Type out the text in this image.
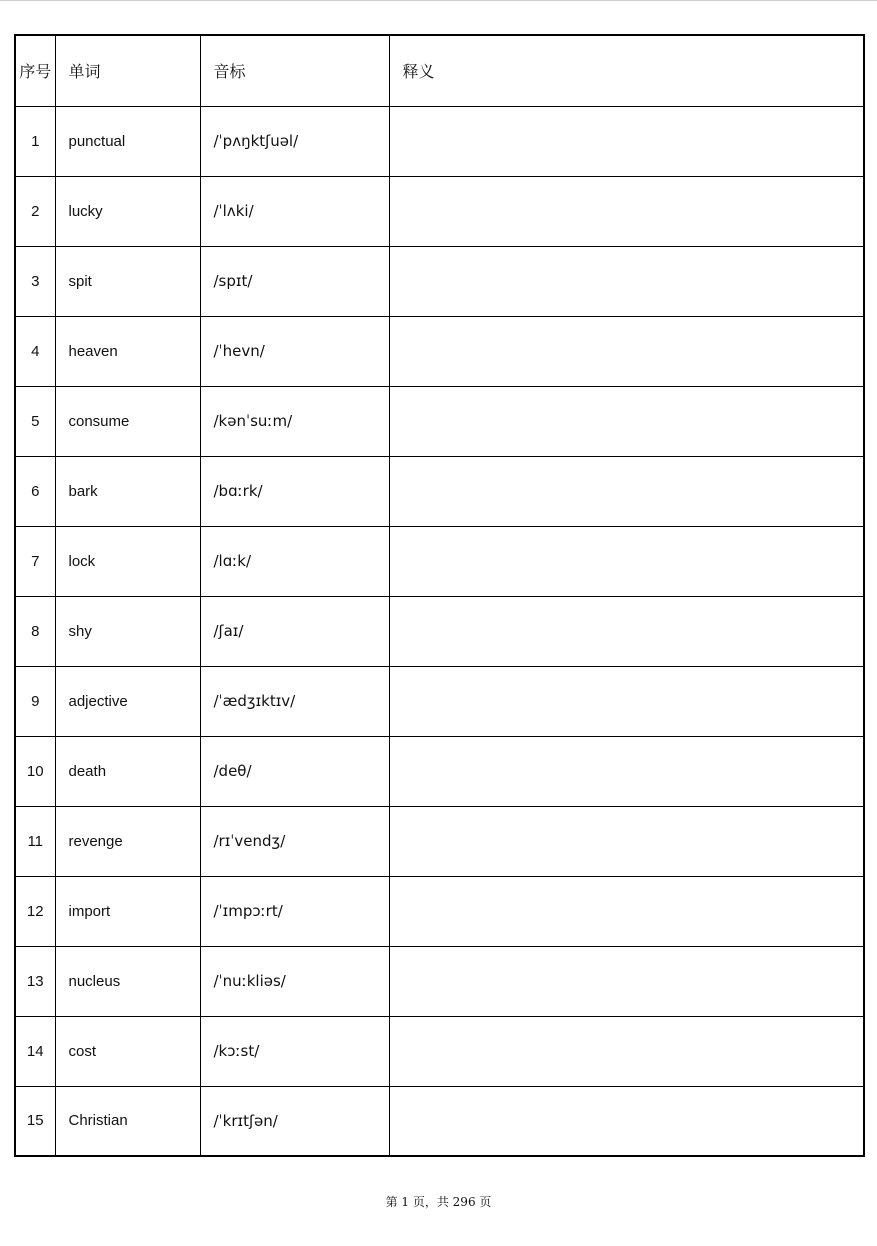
序号	单词	音标	释义
1	punctual	/ˈpʌŋktʃuəl/	
2	lucky	/ˈlʌki/	
3	spit	/spɪt/	
4	heaven	/ˈhevn/	
5	consume	/kənˈsuːm/	
6	bark	/bɑːrk/	
7	lock	/lɑːk/	
8	shy	/ʃaɪ/	
9	adjective	/ˈædʒɪktɪv/	
10	death	/deθ/	
11	revenge	/rɪˈvendʒ/	
12	import	/ˈɪmpɔːrt/	
13	nucleus	/ˈnuːkliəs/	
14	cost	/kɔːst/	
15	Christian	/ˈkrɪtʃən/	
第 1 页，共 296 页
